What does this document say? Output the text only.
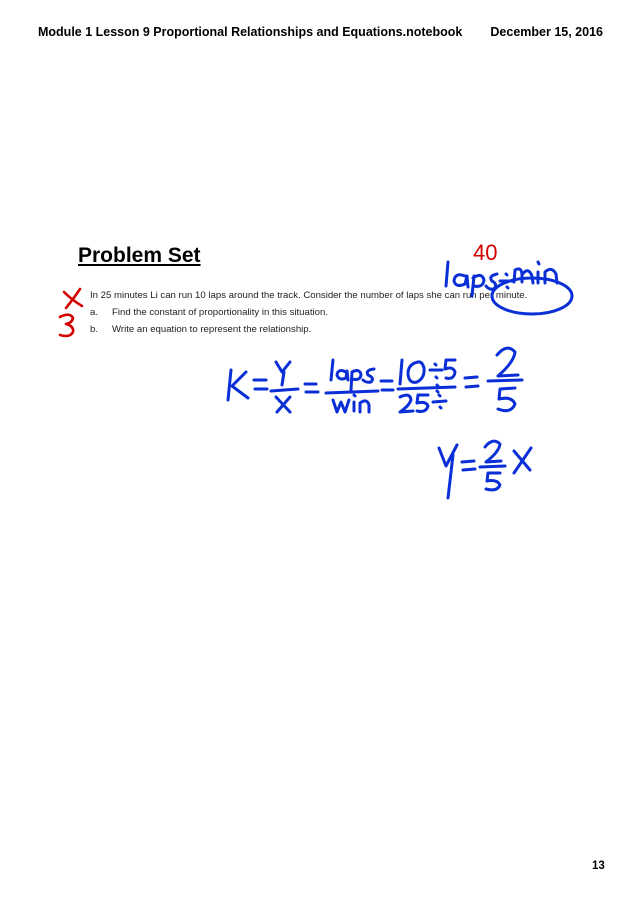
Module 1 Lesson 9 Proportional Relationships and Equations.notebook December 15, 2016
Problem Set	40
In 25 minutes Li can run 10 laps around the track. Consider the number of laps she can run per minute.
a. Find the constant of proportionality in this situation.
b. Write an equation to represent the relationship.
13
